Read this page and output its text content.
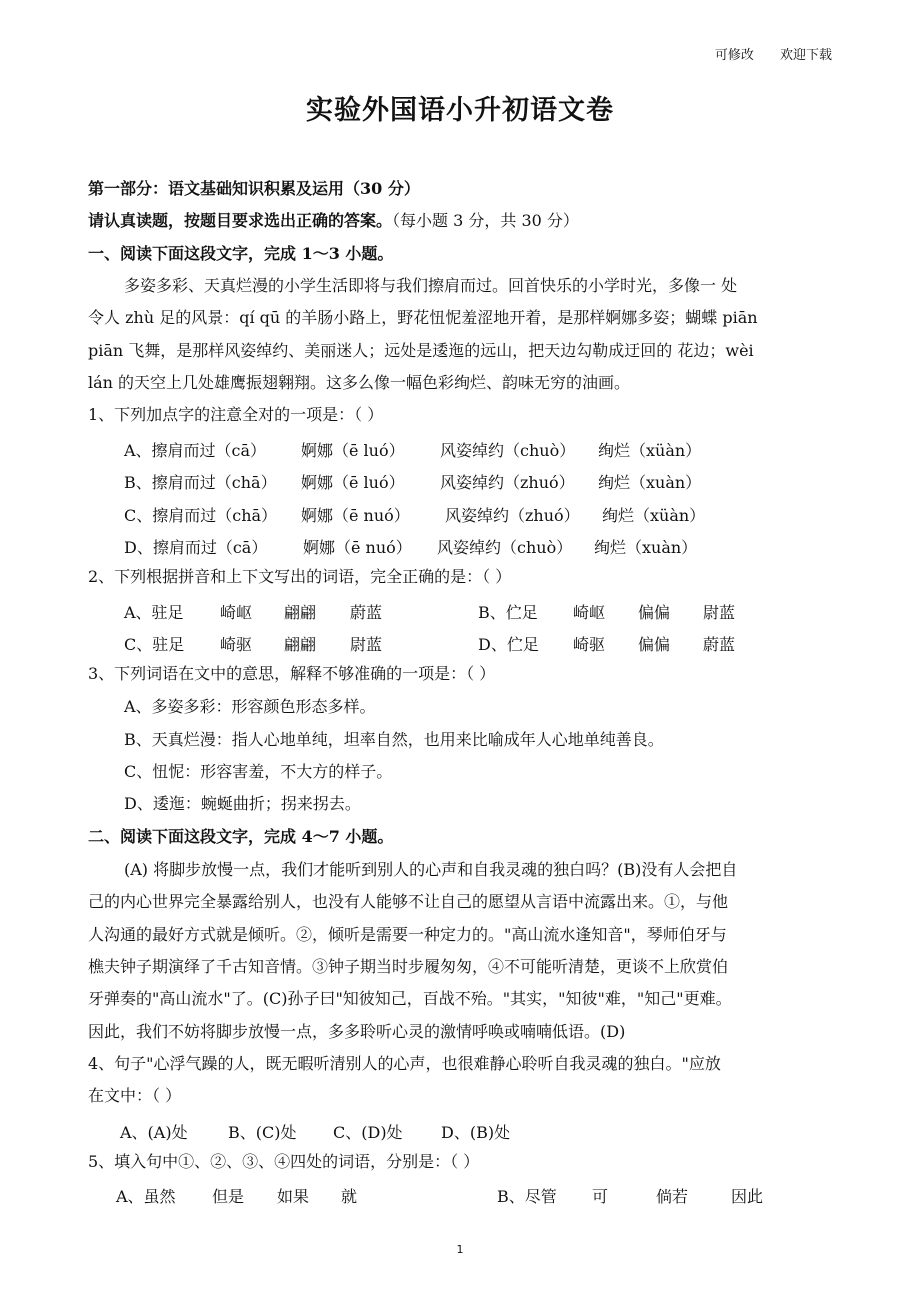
可修改 欢迎下载
实验外国语小升初语文卷
第一部分：语文基础知识积累及运用（30 分）
请认真读题，按题目要求选出正确的答案。（每小题 3 分，共 30 分）
一、阅读下面这段文字，完成 1～3 小题。
多姿多彩、天真烂漫的小学生活即将与我们擦肩而过。回首快乐的小学时光，多像一 处
令人 zhù 足的风景：qí qū 的羊肠小路上，野花忸怩羞涩地开着，是那样婀娜多姿；蝴蝶 piān
piān 飞舞，是那样风姿绰约、美丽迷人；远处是逶迤的远山，把天边勾勒成迂回的 花边；wèi
lán 的天空上几处雄鹰振翅翱翔。这多么像一幅色彩绚烂、韵味无穷的油画。
1、下列加点字的注意全对的一项是：（ ）
A、擦肩而过（cā） 婀娜（ē luó） 风姿绰约（chuò） 绚烂（xüàn）
B、擦肩而过（chā） 婀娜（ē luó） 风姿绰约（zhuó） 绚烂（xuàn）
C、擦肩而过（chā） 婀娜（ē nuó） 风姿绰约（zhuó） 绚烂（xüàn）
D、擦肩而过（cā） 婀娜（ē nuó） 风姿绰约（chuò） 绚烂（xuàn）
2、下列根据拼音和上下文写出的词语，完全正确的是：（ ）
A、驻足 崎岖 翩翩 蔚蓝	B、伫足 崎岖 偏偏 尉蓝
C、驻足 崎驱 翩翩 尉蓝	D、伫足 崎驱 偏偏 蔚蓝
3、下列词语在文中的意思，解释不够准确的一项是：（ ）
A、多姿多彩：形容颜色形态多样。
B、天真烂漫：指人心地单纯，坦率自然，也用来比喻成年人心地单纯善良。
C、忸怩：形容害羞，不大方的样子。
D、逶迤：蜿蜒曲折；拐来拐去。
二、阅读下面这段文字，完成 4～7 小题。
(A) 将脚步放慢一点，我们才能听到别人的心声和自我灵魂的独白吗？(B)没有人会把自
己的内心世界完全暴露给别人，也没有人能够不让自己的愿望从言语中流露出来。①，与他
人沟通的最好方式就是倾听。②，倾听是需要一种定力的。"高山流水逢知音"，琴师伯牙与
樵夫钟子期演绎了千古知音情。③钟子期当时步履匆匆，④不可能听清楚，更谈不上欣赏伯
牙弹奏的"高山流水"了。(C)孙子曰"知彼知己，百战不殆。"其实，"知彼"难，"知己"更难。
因此，我们不妨将脚步放慢一点，多多聆听心灵的激情呼唤或喃喃低语。(D)
4、句子"心浮气躁的人，既无暇听清别人的心声，也很难静心聆听自我灵魂的独白。"应放
在文中：（ ）
A、(A)处	B、(C)处 C、(D)处 D、(B)处
5、填入句中①、②、③、④四处的词语，分别是：（ ）
A、虽然 但是 如果 就	B、尽管 可	倘若	因此
1
